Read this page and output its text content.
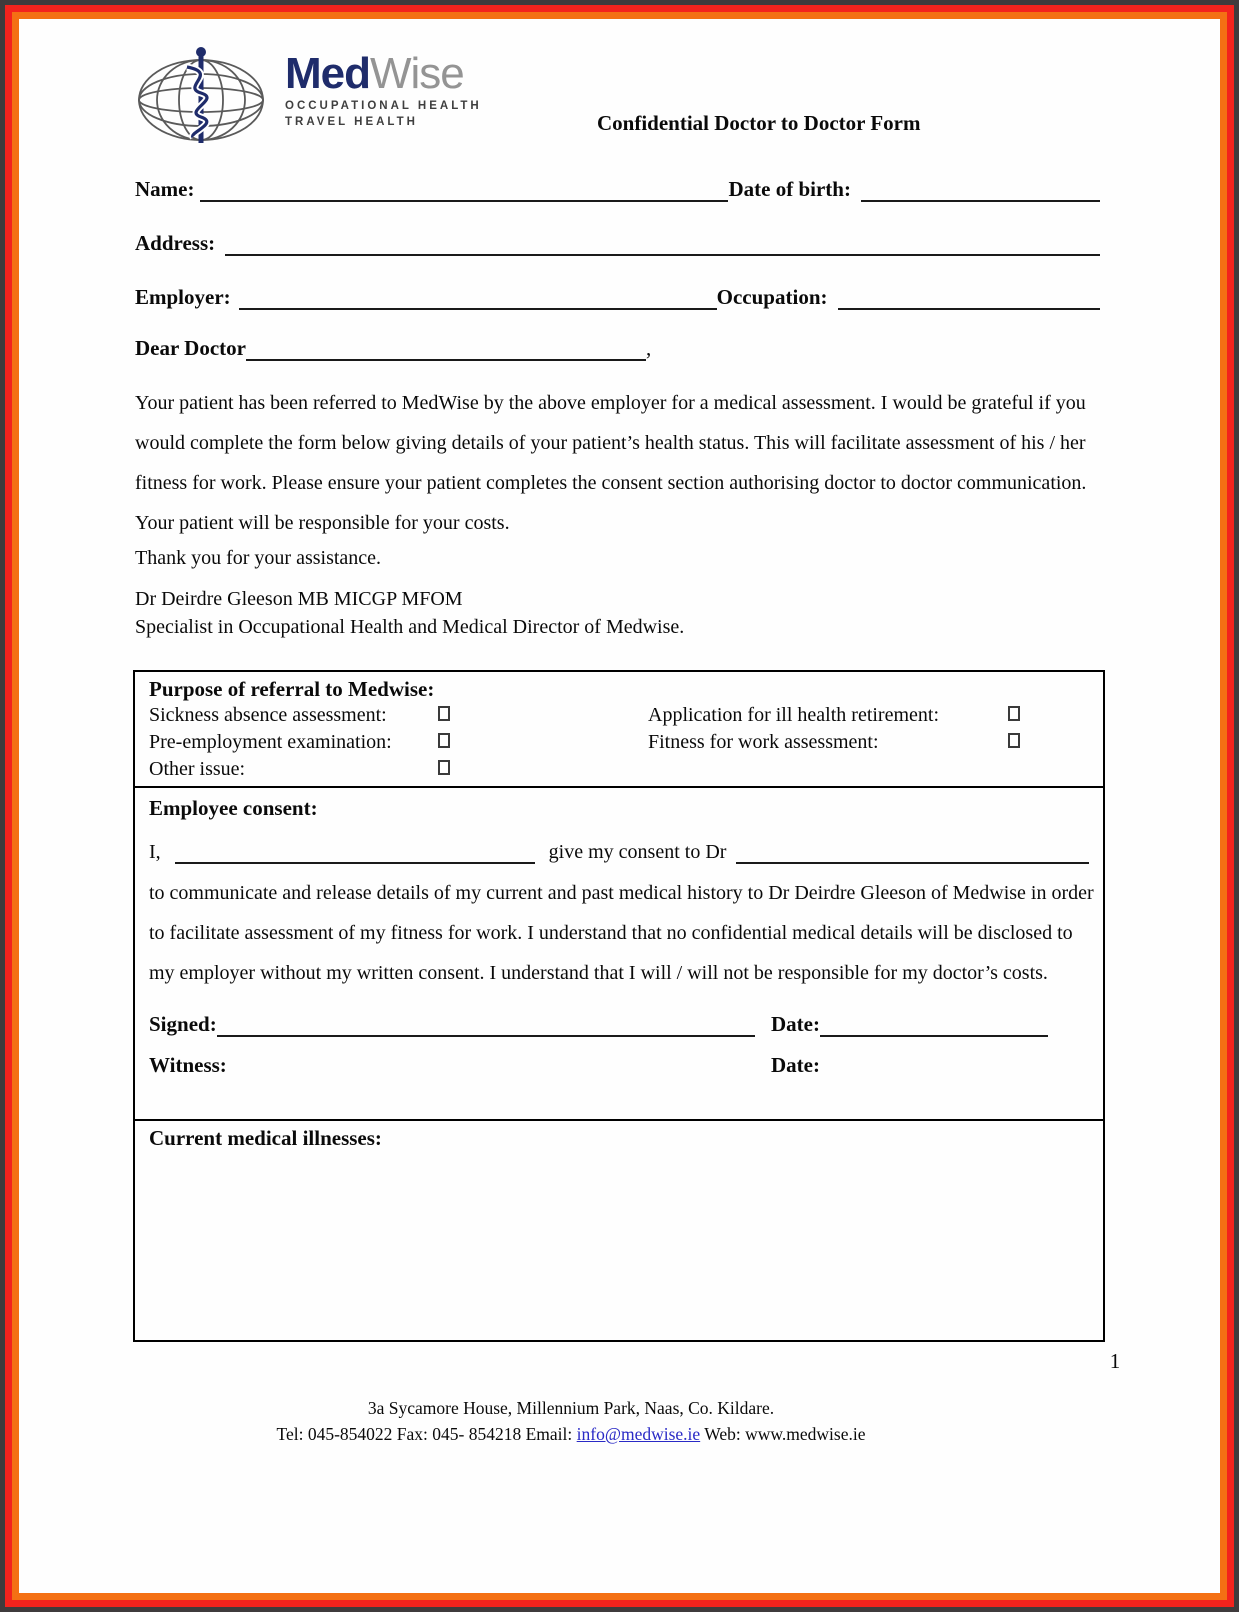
MedWise
OCCUPATIONAL HEALTH
TRAVEL HEALTH	Confidential Doctor to Doctor Form
Name:	Date of birth:
Address:
Employer:	Occupation:
Dear Doctor	,
Your patient has been referred to MedWise by the above employer for a medical assessment. I would be grateful if you would complete the form below giving details of your patient’s health status. This will facilitate assessment of his / her fitness for work. Please ensure your patient completes the consent section authorising doctor to doctor communication. Your patient will be responsible for your costs.
Thank you for your assistance.
Dr Deirdre Gleeson MB MICGP MFOM
Specialist in Occupational Health and Medical Director of Medwise.
Purpose of referral to Medwise:
Sickness absence assessment:	Application for ill health retirement:
Pre-employment examination:	Fitness for work assessment:
Other issue:
Employee consent:
I,	give my consent to Dr
to communicate and release details of my current and past medical history to Dr Deirdre Gleeson of Medwise in order to facilitate assessment of my fitness for work. I understand that no confidential medical details will be disclosed to my employer without my written consent. I understand that I will / will not be responsible for my doctor’s costs.
Signed:	Date:
Witness:	Date:
Current medical illnesses:
1
3a Sycamore House, Millennium Park, Naas, Co. Kildare.
Tel: 045-854022 Fax: 045- 854218 Email: info@medwise.ie Web: www.medwise.ie
